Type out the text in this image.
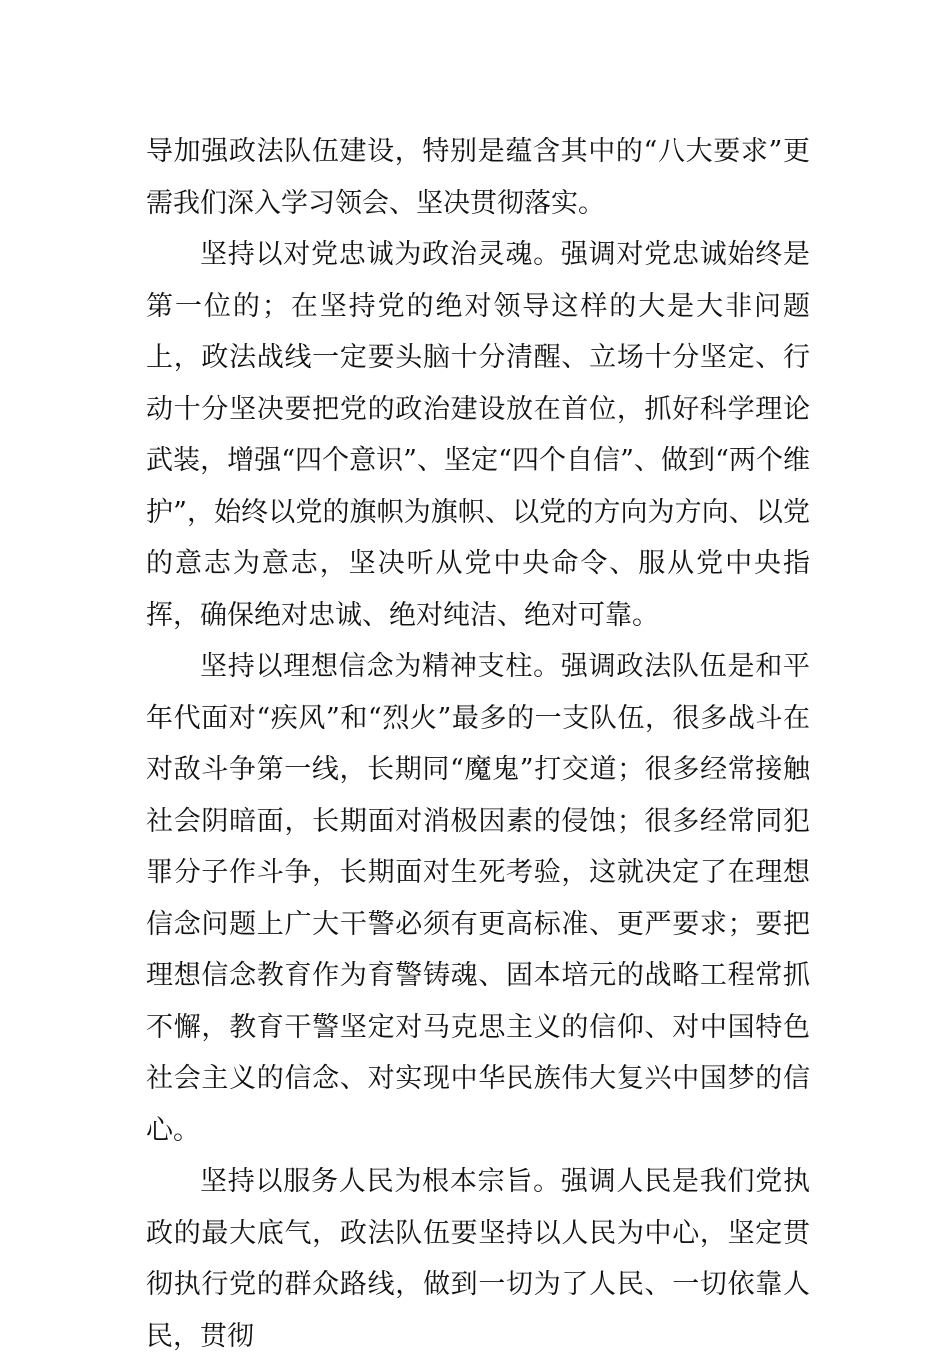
导加强政法队伍建设，特别是蕴含其中的“八大要求”更需我们深入学习领会、坚决贯彻落实。

坚持以对党忠诚为政治灵魂。强调对党忠诚始终是第一位的；在坚持党的绝对领导这样的大是大非问题上，政法战线一定要头脑十分清醒、立场十分坚定、行动十分坚决要把党的政治建设放在首位，抓好科学理论武装，增强“四个意识”、坚定“四个自信”、做到“两个维护”，始终以党的旗帜为旗帜、以党的方向为方向、以党的意志为意志，坚决听从党中央命令、服从党中央指挥，确保绝对忠诚、绝对纯洁、绝对可靠。

坚持以理想信念为精神支柱。强调政法队伍是和平年代面对“疾风”和“烈火”最多的一支队伍，很多战斗在对敌斗争第一线，长期同“魔鬼”打交道；很多经常接触社会阴暗面，长期面对消极因素的侵蚀；很多经常同犯罪分子作斗争，长期面对生死考验，这就决定了在理想信念问题上广大干警必须有更高标准、更严要求；要把理想信念教育作为育警铸魂、固本培元的战略工程常抓不懈，教育干警坚定对马克思主义的信仰、对中国特色社会主义的信念、对实现中华民族伟大复兴中国梦的信心。

坚持以服务人民为根本宗旨。强调人民是我们党执政的最大底气，政法队伍要坚持以人民为中心，坚定贯彻执行党的群众路线，做到一切为了人民、一切依靠人民，贯彻
